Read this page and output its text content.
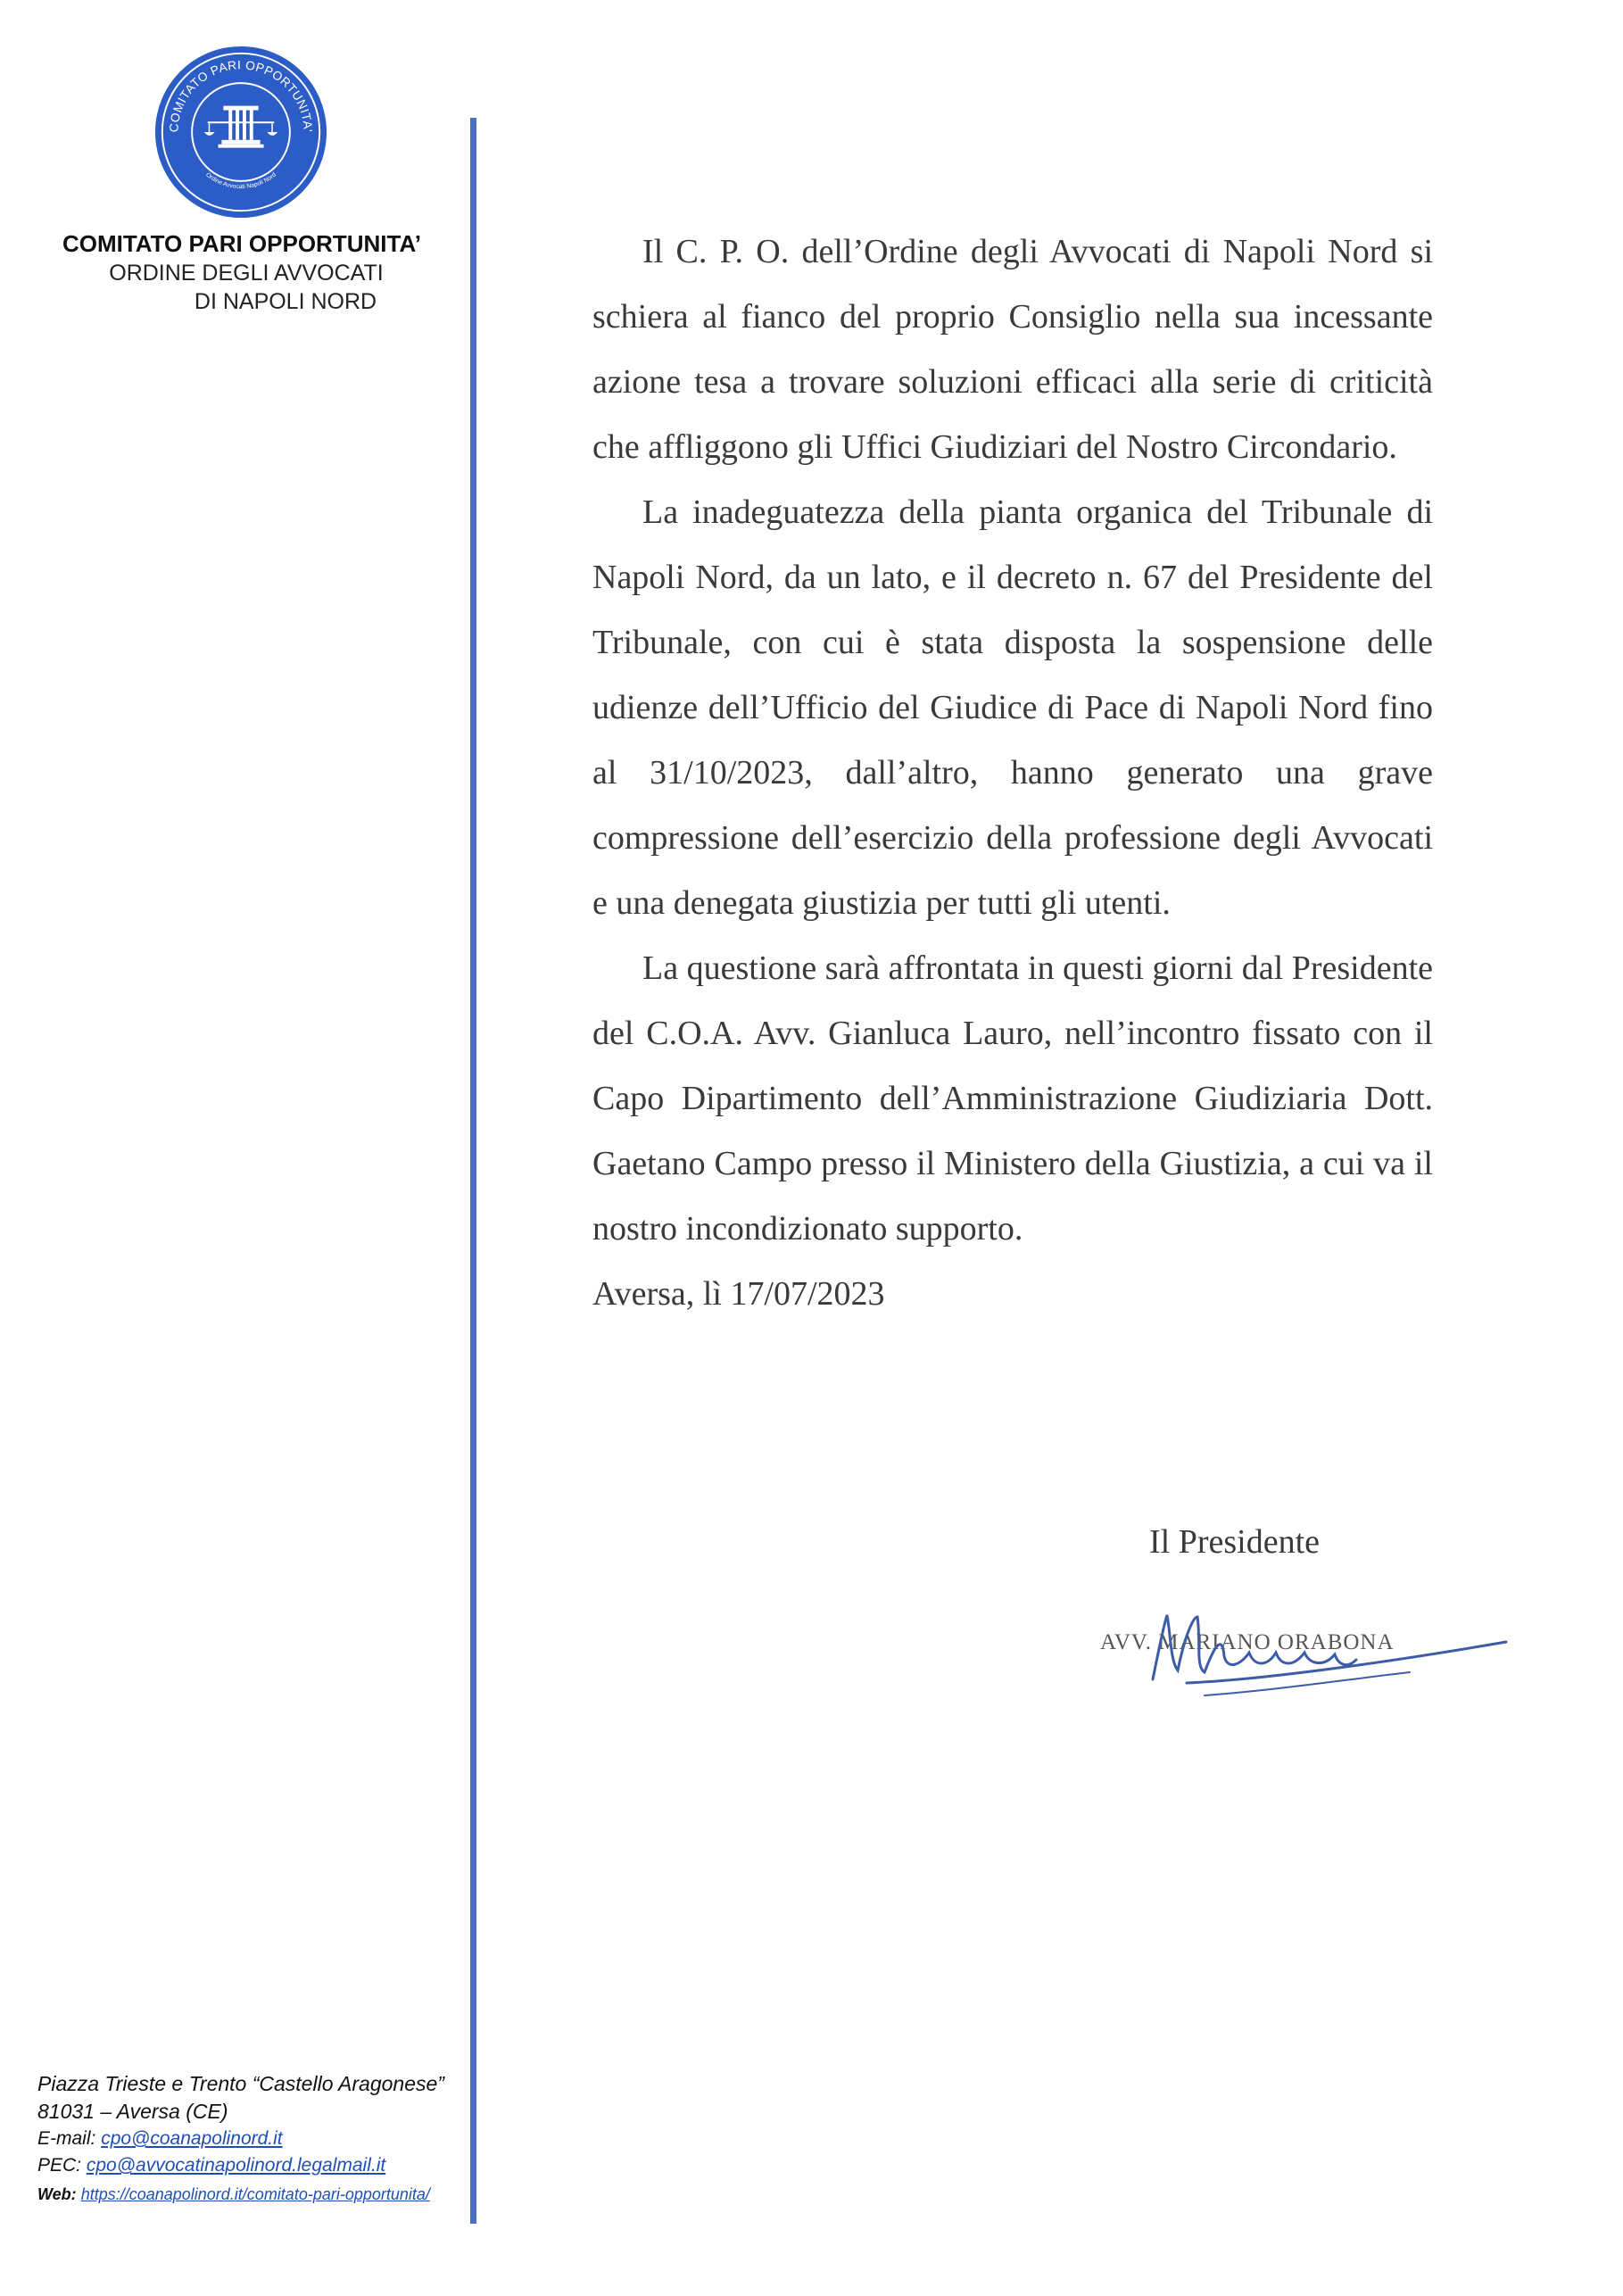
COMITATO PARI OPPORTUNITA'
Ordine Avvocati Napoli Nord
COMITATO PARI OPPORTUNITA’
ORDINE DEGLI AVVOCATI
DI NAPOLI NORD

Il C. P. O. dell’Ordine degli Avvocati di Napoli Nord si schiera al fianco del proprio Consiglio nella sua incessante azione tesa a trovare soluzioni efficaci alla serie di criticità che affliggono gli Uffici Giudiziari del Nostro Circondario.

La inadeguatezza della pianta organica del Tribunale di Napoli Nord, da un lato, e il decreto n. 67 del Presidente del Tribunale, con cui è stata disposta la sospensione delle udienze dell’Ufficio del Giudice di Pace di Napoli Nord fino al 31/10/2023, dall’altro, hanno generato una grave compressione dell’esercizio della professione degli Avvocati e una denegata giustizia per tutti gli utenti.

La questione sarà affrontata in questi giorni dal Presidente del C.O.A. Avv. Gianluca Lauro, nell’incontro fissato con il Capo Dipartimento dell’Amministrazione Giudiziaria Dott. Gaetano Campo presso il Ministero della Giustizia, a cui va il nostro incondizionato supporto.

Aversa, lì 17/07/2023

Il Presidente
AVV. MARIANO ORABONA
Piazza Trieste e Trento “Castello Aragonese”
81031 – Aversa (CE)
E-mail: cpo@coanapolinord.it
PEC: cpo@avvocatinapolinord.legalmail.it
Web: https://coanapolinord.it/comitato-pari-opportunita/
